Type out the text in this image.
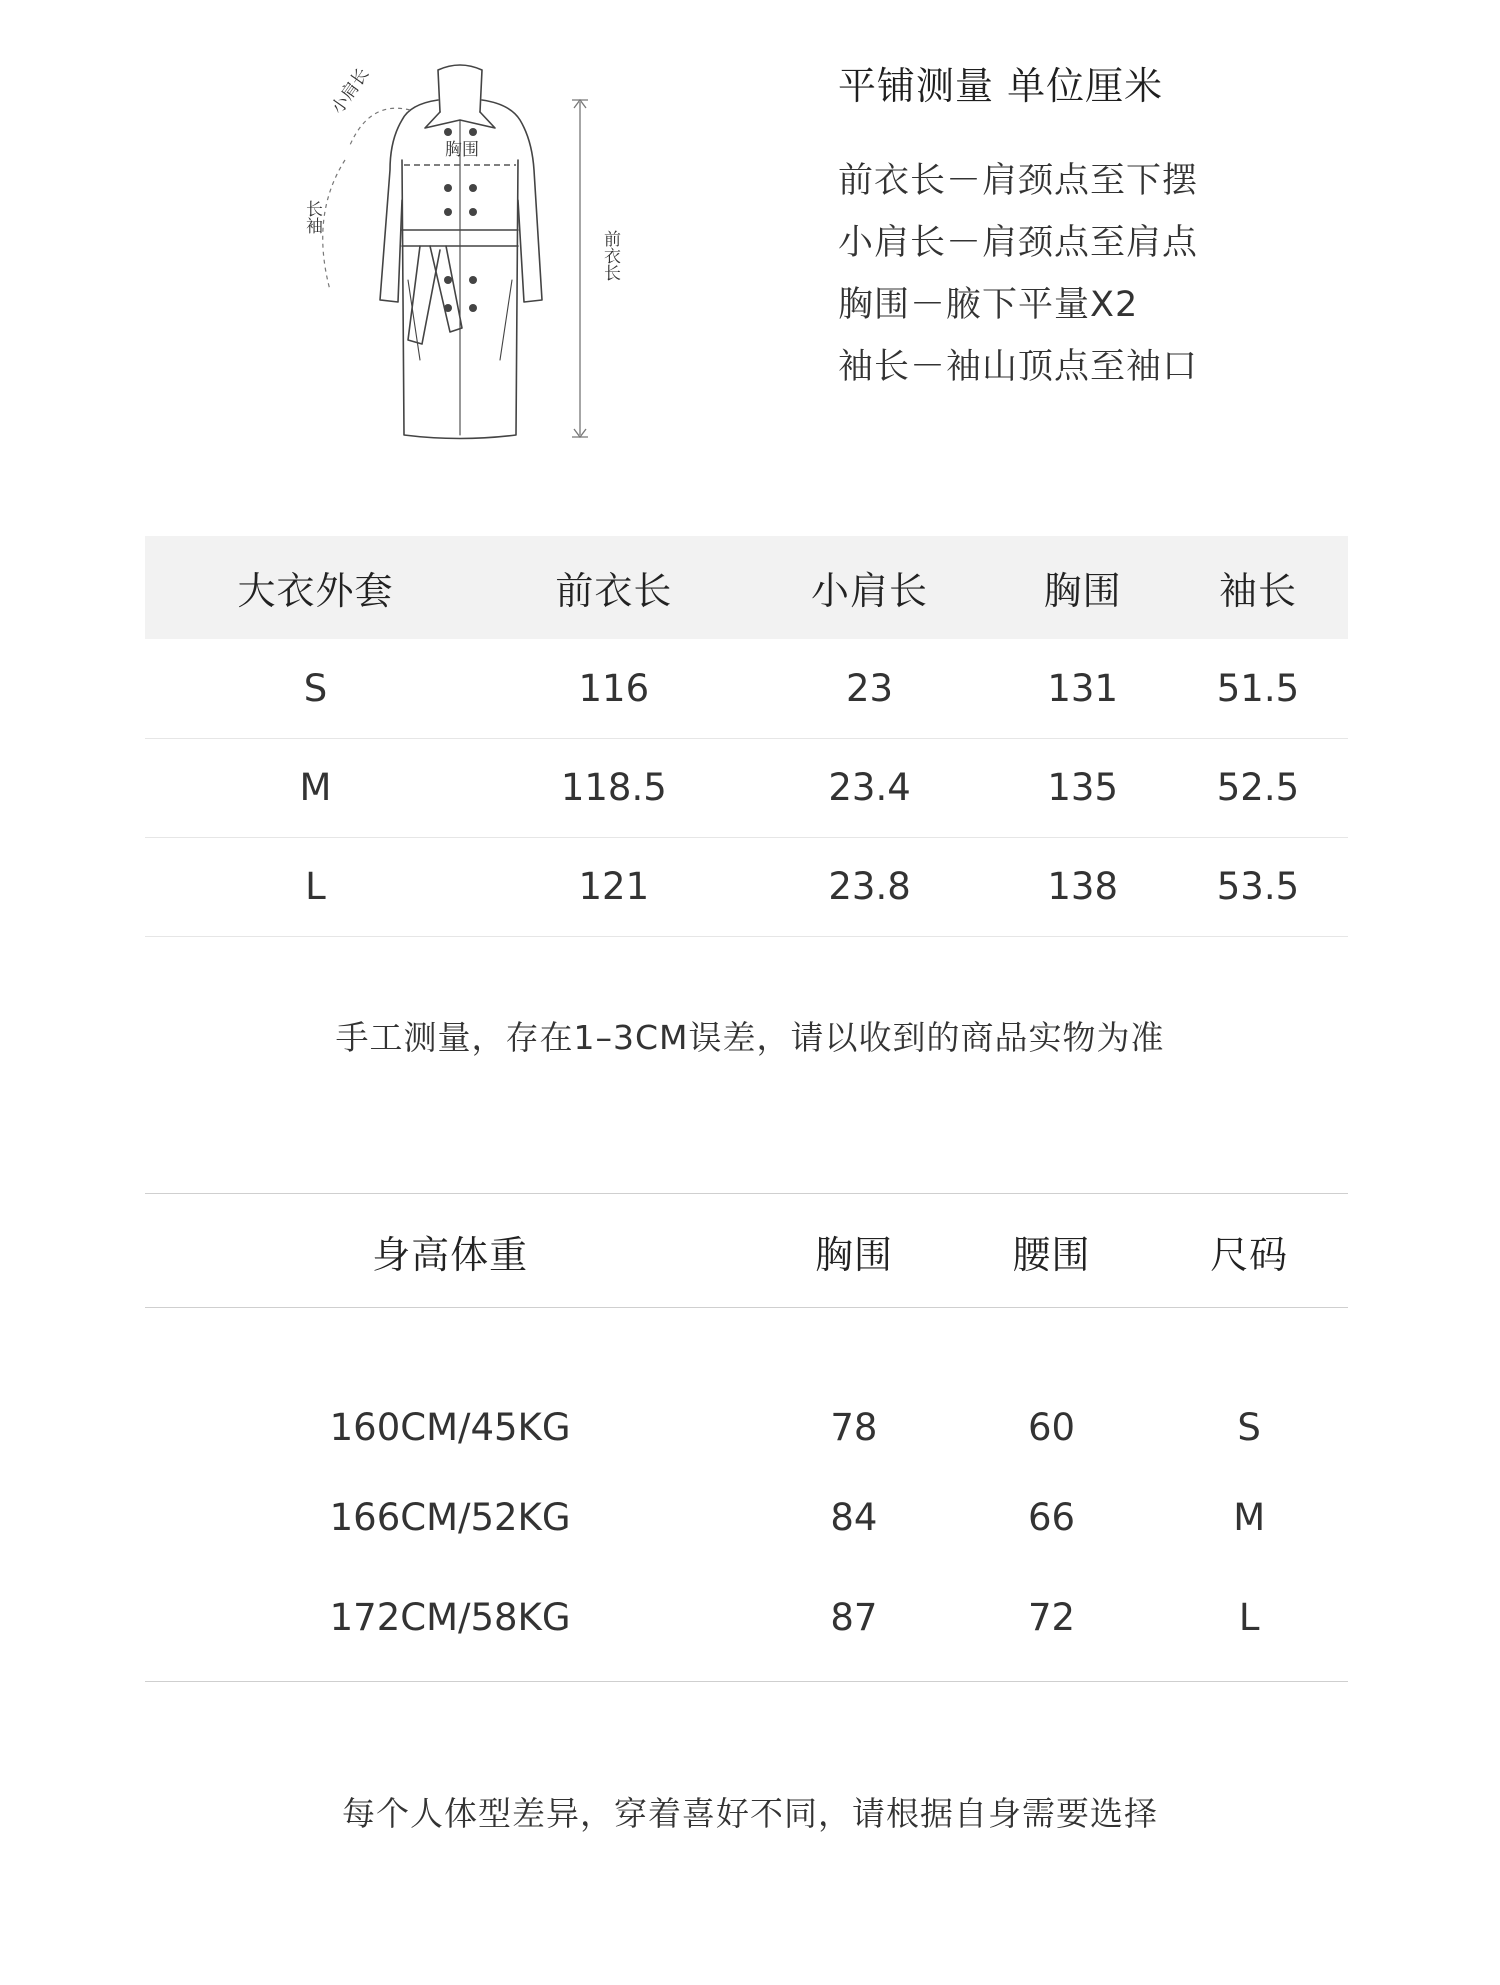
胸围
小肩长
长袖
前衣长
平铺测量 单位厘米
前衣长－肩颈点至下摆
小肩长－肩颈点至肩点
胸围－腋下平量X2
袖长－袖山顶点至袖口
大衣外套	前衣长	小肩长	胸围	袖长
S	116	23	131	51.5
M	118.5	23.4	135	52.5
L	121	23.8	138	53.5
手工测量，存在1–3CM误差，请以收到的商品实物为准
身高体重	胸围	腰围	尺码
160CM/45KG	78	60	S
166CM/52KG	84	66	M
172CM/58KG	87	72	L
每个人体型差异，穿着喜好不同，请根据自身需要选择
